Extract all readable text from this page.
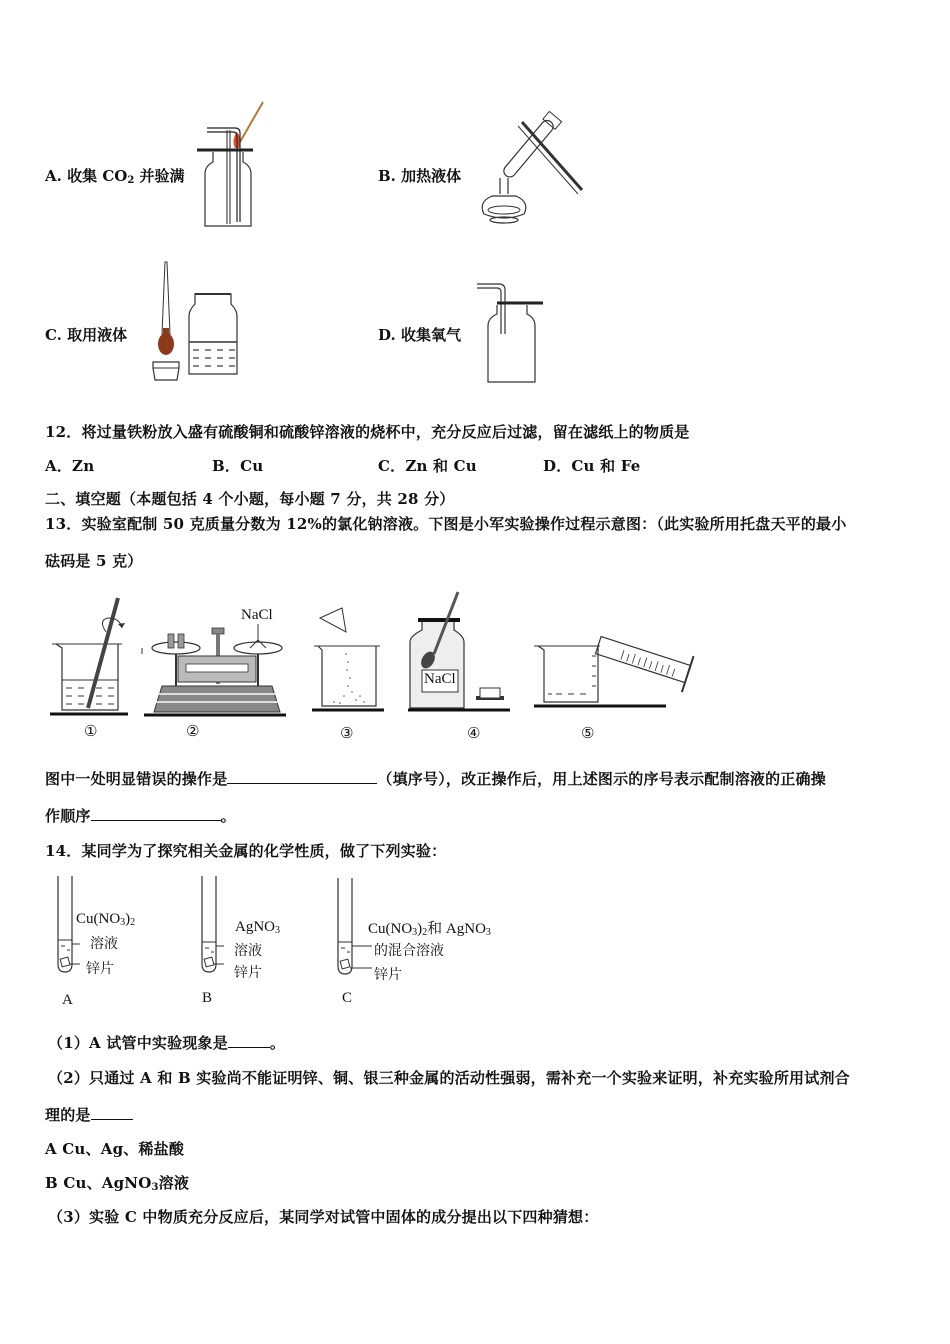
A. 收集 $CO_2$ 并验满	B. 加热液体
C. 取用液体	D. 收集氧气
12．将过量铁粉放入盛有硫酸铜和硫酸锌溶液的烧杯中，充分反应后过滤，留在滤纸上的物质是
A．Zn	B．Cu	C．Zn 和 Cu	D．Cu 和 Fe
二、填空题（本题包括 4 个小题，每小题 7 分，共 28 分）
13．实验室配制 50 克质量分数为 12%的氯化钠溶液。下图是小军实验操作过程示意图：（此实验所用托盘天平的最小
砝码是 5 克）
①
NaCl
②	③
NaCl
④	⑤
图中一处明显错误的操作是	（填序号），改正操作后，用上述图示的序号表示配制溶液的正确操
作顺序	。
14．某同学为了探究相关金属的化学性质，做了下列实验：
$Cu(NO_3)_2$
溶液
锌片
A
AgNO$_3$
溶液
锌片
B
$Cu(NO_3)_2$和 AgNO$_3$
的混合溶液
锌片
C
（1）A 试管中实验现象是	。
（2）只通过 A 和 B 实验尚不能证明锌、铜、银三种金属的活动性强弱，需补充一个实验来证明，补充实验所用试剂合
理的是
A Cu、Ag、稀盐酸
B Cu、AgNO$_3$溶液
（3）实验 C 中物质充分反应后，某同学对试管中固体的成分提出以下四种猜想：
